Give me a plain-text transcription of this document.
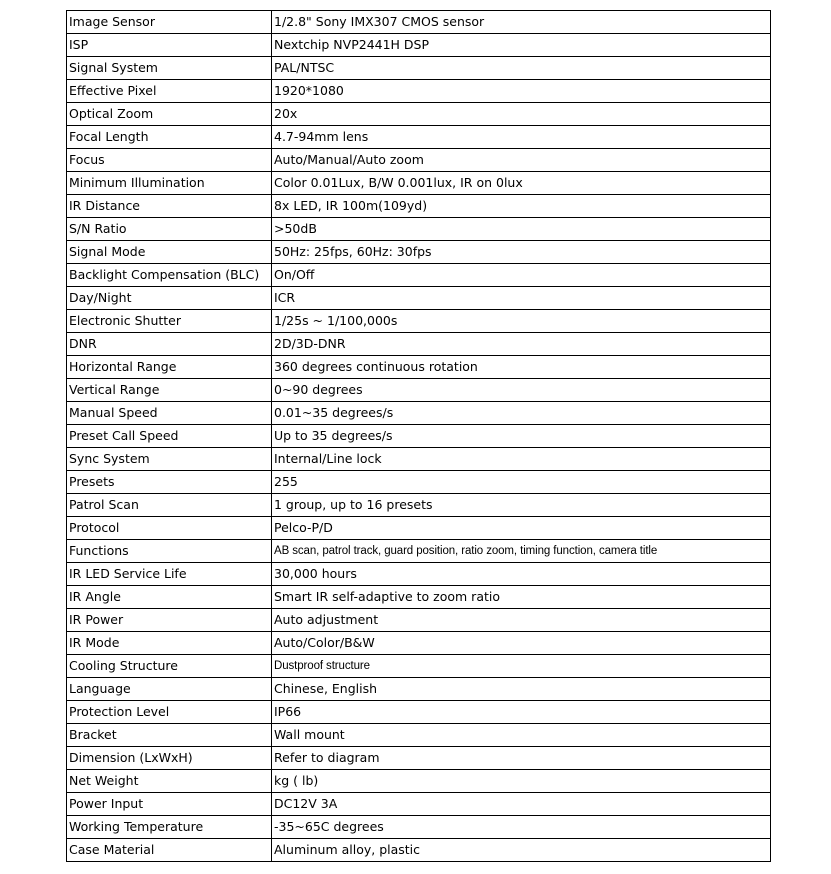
Image Sensor	1/2.8" Sony IMX307 CMOS sensor
ISP	Nextchip NVP2441H DSP
Signal System	PAL/NTSC
Effective Pixel	1920*1080
Optical Zoom	20x
Focal Length	4.7-94mm lens
Focus	Auto/Manual/Auto zoom
Minimum Illumination	Color 0.01Lux, B/W 0.001lux, IR on 0lux
IR Distance	8x LED, IR 100m(109yd)
S/N Ratio	>50dB
Signal Mode	50Hz: 25fps, 60Hz: 30fps
Backlight Compensation (BLC)	On/Off
Day/Night	ICR
Electronic Shutter	1/25s ~ 1/100,000s
DNR	2D/3D-DNR
Horizontal Range	360 degrees continuous rotation
Vertical Range	0~90 degrees
Manual Speed	0.01~35 degrees/s
Preset Call Speed	Up to 35 degrees/s
Sync System	Internal/Line lock
Presets	255
Patrol Scan	1 group, up to 16 presets
Protocol	Pelco-P/D
Functions	AB scan, patrol track, guard position, ratio zoom, timing function, camera title
IR LED Service Life	30,000 hours
IR Angle	Smart IR self-adaptive to zoom ratio
IR Power	Auto adjustment
IR Mode	Auto/Color/B&W
Cooling Structure	Dustproof structure
Language	Chinese, English
Protection Level	IP66
Bracket	Wall mount
Dimension (LxWxH)	Refer to diagram
Net Weight	kg ( lb)
Power Input	DC12V 3A
Working Temperature	-35~65C degrees
Case Material	Aluminum alloy, plastic
